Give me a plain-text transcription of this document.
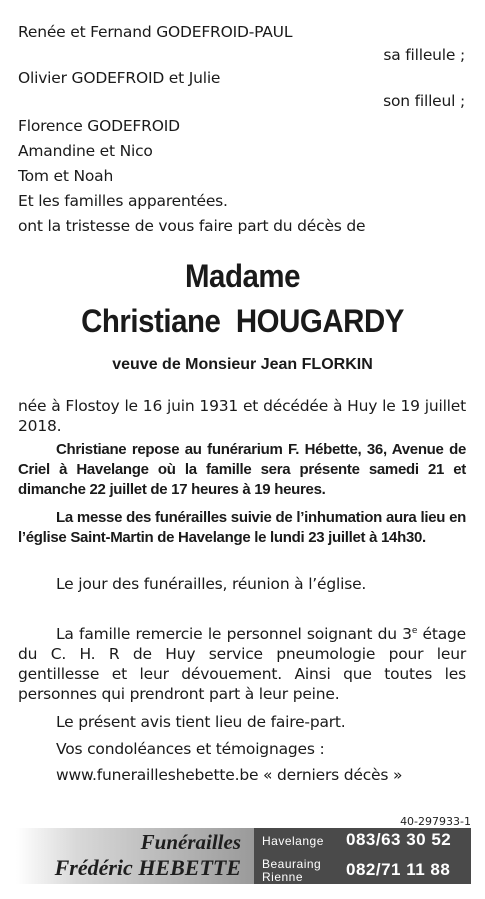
Renée et Fernand GODEFROID-PAUL
sa filleule ;
Olivier GODEFROID et Julie
son filleul ;
Florence GODEFROID
Amandine et Nico
Tom et Noah
Et les familles apparentées.
ont la tristesse de vous faire part du décès de
Madame
Christiane  HOUGARDY
veuve de Monsieur Jean FLORKIN
née à Flostoy le 16 juin 1931 et décédée à Huy le 19 juillet 2018.
Christiane repose au funérarium F. Hébette, 36, Avenue de Criel à Havelange où la famille sera présente samedi 21 et dimanche 22 juillet de 17 heures à 19 heures.
La messe des funérailles suivie de l’inhumation aura lieu en l’église Saint-Martin de Havelange le lundi 23 juillet à 14h30.
Le jour des funérailles, réunion à l’église.
La famille remercie le personnel soignant du 3e étage du C. H. R de Huy service pneumologie pour leur gentillesse et leur dévouement. Ainsi que toutes les personnes qui prendront part à leur peine.
Le présent avis tient lieu de faire-part.
Vos condoléances et témoignages :
www.funerailleshebette.be « derniers décès »
40-297933-1
Funérailles
Frédéric HEBETTE
Havelange 083/63 30 52
Beauraing
Rienne	082/71 11 88
